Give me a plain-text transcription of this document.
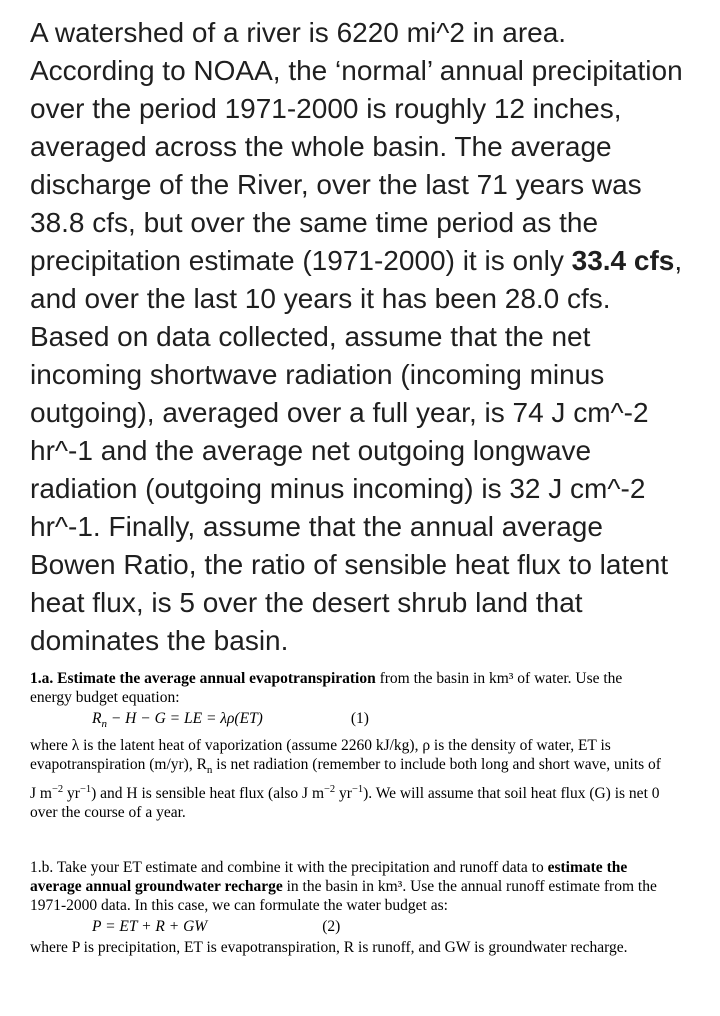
A watershed of a river is 6220 mi^2 in area. According to NOAA, the ‘normal’ annual precipitation over the period 1971-2000 is roughly 12 inches, averaged across the whole basin. The average discharge of the River, over the last 71 years was 38.8 cfs, but over the same time period as the precipitation estimate (1971-2000) it is only 33.4 cfs, and over the last 10 years it has been 28.0 cfs. Based on data collected, assume that the net incoming shortwave radiation (incoming minus outgoing), averaged over a full year, is 74 J cm^-2 hr^-1 and the average net outgoing longwave radiation (outgoing minus incoming) is 32 J cm^-2 hr^-1. Finally, assume that the annual average Bowen Ratio, the ratio of sensible heat flux to latent heat flux, is 5 over the desert shrub land that dominates the basin.

1.a. Estimate the average annual evapotranspiration from the basin in km³ of water. Use the energy budget equation:

$R_n - H - G$ = LE = λρ(ET)	(1)

where λ is the latent heat of vaporization (assume 2260 kJ/kg), ρ is the density of water, ET is evapotranspiration (m/yr), $R_n$ is net radiation (remember to include both long and short wave, units of J $m^{-2}$ $yr^{-1}$) and H is sensible heat flux (also J $m^{-2}$ $yr^{-1}$). We will assume that soil heat flux (G) is net 0 over the course of a year.

1.b. Take your ET estimate and combine it with the precipitation and runoff data to estimate the average annual groundwater recharge in the basin in km³. Use the annual runoff estimate from the 1971-2000 data. In this case, we can formulate the water budget as:

P = ET + R + GW	(2)

where P is precipitation, ET is evapotranspiration, R is runoff, and GW is groundwater recharge.
